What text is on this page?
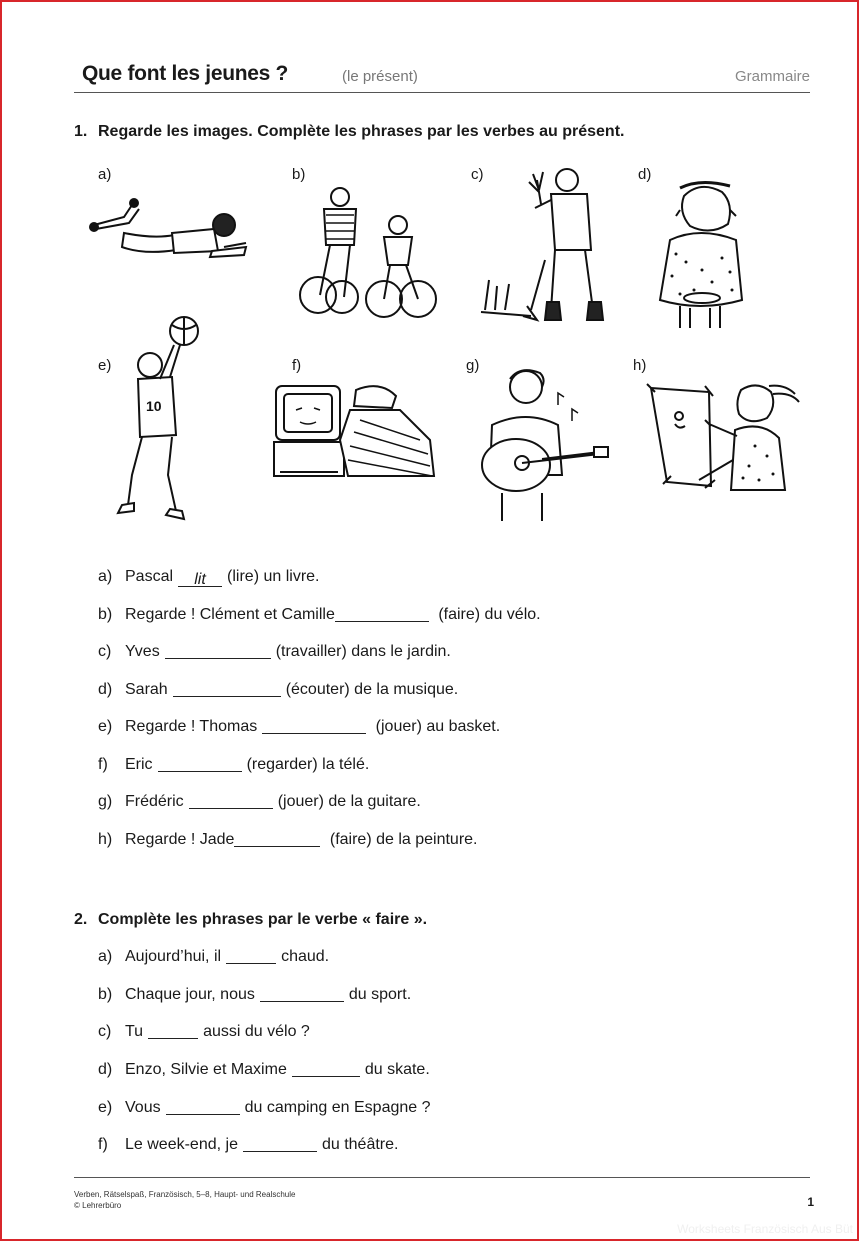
Que font les jeunes ?	(le présent)	Grammaire
1. Regarde les images. Complète les phrases par les verbes au présent.
a)	b)	c)	d)
e)	f)	g)	h)
10
a) Pascal lit (lire) un livre.
b) Regarde ! Clément et Camille	(faire) du vélo.
c) Yves	(travailler) dans le jardin.
d) Sarah	(écouter) de la musique.
e) Regarde ! Thomas	(jouer) au basket.
f) Eric	(regarder) la télé.
g) Frédéric	(jouer) de la guitare.
h) Regarde ! Jade	(faire) de la peinture.
2. Complète les phrases par le verbe « faire ».
a) Aujourd’hui, il	chaud.
b) Chaque jour, nous	du sport.
c) Tu	aussi du vélo ?
d) Enzo, Silvie et Maxime	du skate.
e) Vous	du camping en Espagne ?
f) Le week-end, je	du théâtre.
Verben, Rätselspaß, Französisch, 5–8, Haupt- und Realschule
© Lehrerbüro	1
Worksheets Französisch Aus Büt
